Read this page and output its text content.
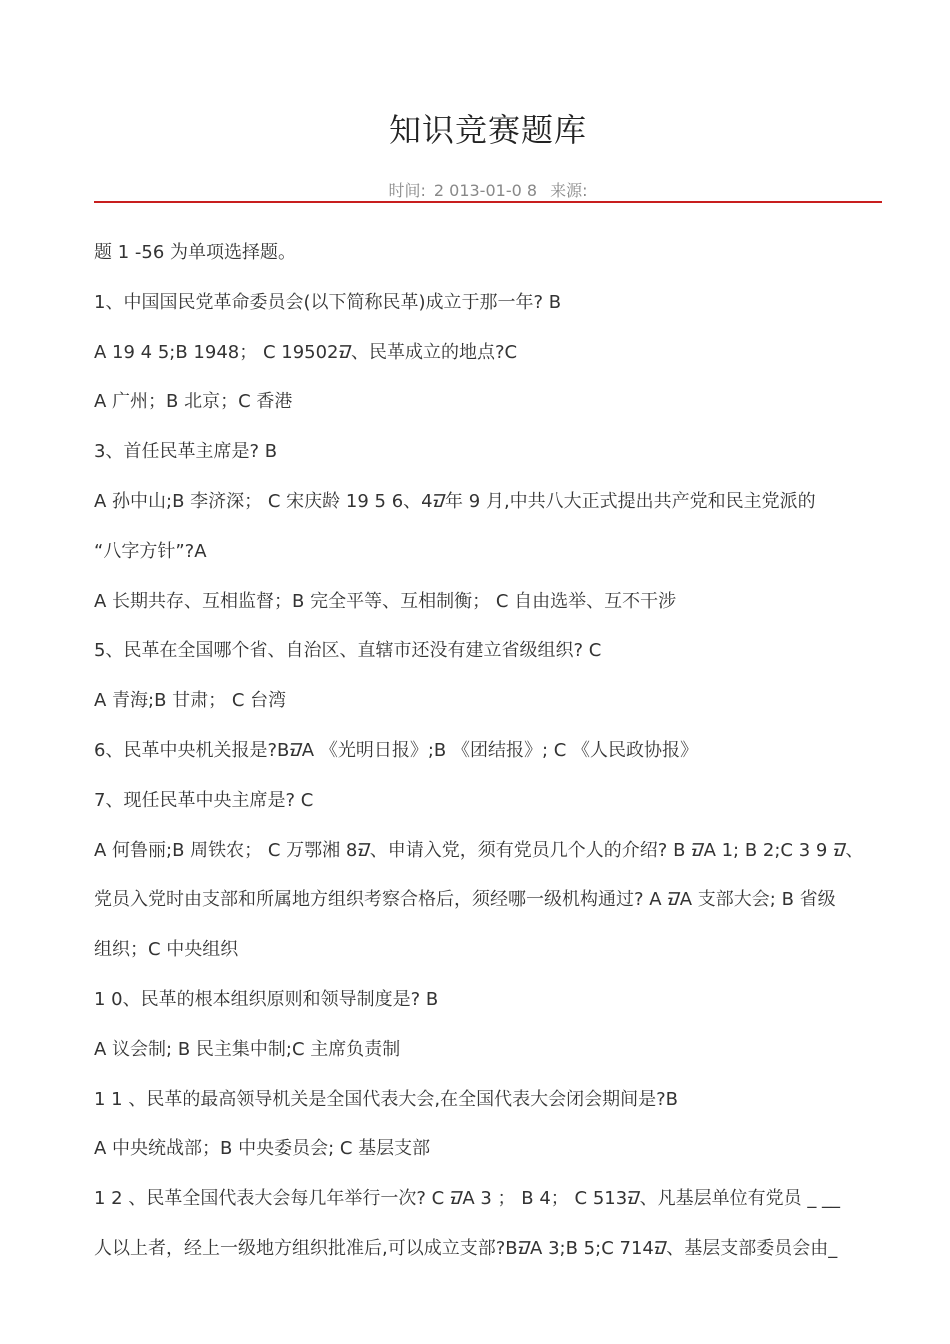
知识竞赛题库
时间: 2 013-01-0 8 来源:
题 1 -56 为单项选择题。
1、中国国民党革命委员会(以下简称民革)成立于那一年? B
A 19 4 5;B 1948； C 19502ᮙ、民革成立的地点?C
A 广州；B 北京；C 香港
3、首任民革主席是? B
A 孙中山;B 李济深； C 宋庆龄 19 5 6、4ᮙ年 9 月,中共八大正式提出共产党和民主党派的
“八字方针”?A
A 长期共存、互相监督；B 完全平等、互相制衡； C 自由选举、互不干涉
5、民革在全国哪个省、自治区、直辖市还没有建立省级组织? C
A 青海;B 甘肃； C 台湾
6、民革中央机关报是?BᮙA 《光明日报》;B 《团结报》; C 《人民政协报》
7、现任民革中央主席是? C
A 何鲁丽;B 周铁农； C 万鄂湘 8ᮙ、申请入党，须有党员几个人的介绍? B ᮙA 1; B 2;C 3 9 ᮙ、
党员入党时由支部和所属地方组织考察合格后，须经哪一级机构通过? A ᮙA 支部大会; B 省级
组织；C 中央组织
1 0、民革的根本组织原则和领导制度是? B
A 议会制; B 民主集中制;C 主席负责制
1 1 、民革的最高领导机关是全国代表大会,在全国代表大会闭会期间是?B
A 中央统战部；B 中央委员会; C 基层支部
1 2 、民革全国代表大会每几年举行一次? C ᮙA 3 ； B 4； C 513ᮙ、凡基层单位有党员 _ __
人以上者，经上一级地方组织批准后,可以成立支部?BᮙA 3;B 5;C 714ᮙ、基层支部委员会由_
